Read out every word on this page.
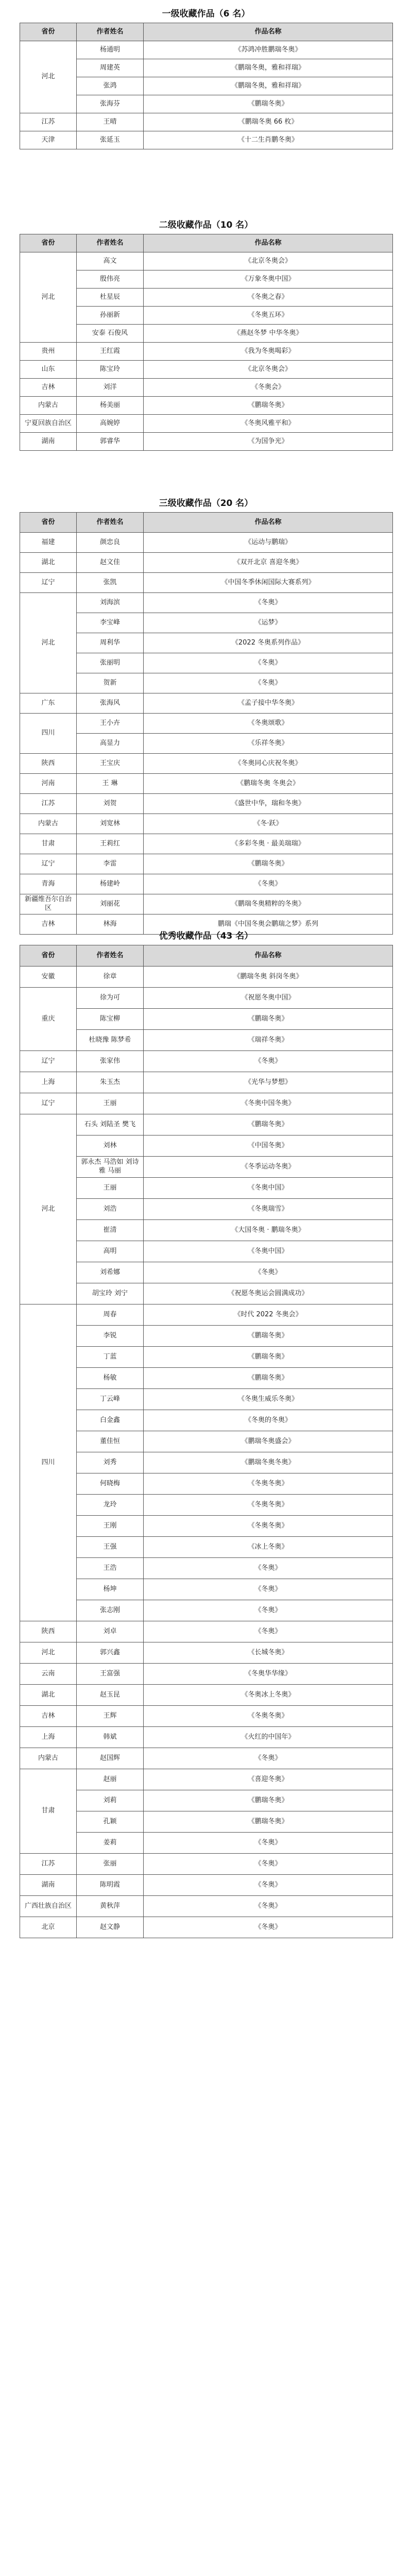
一级收藏作品（6 名）
省份	作者姓名	作品名称
河北	杨通明	《苏鸿冲胜鹏瑞冬奥》
	周建英	《鹏瑞冬奥，雅和祥瑞》
	张鸿	《鹏瑞冬奥，雅和祥瑞》
	张海芬	《鹏瑞冬奥》
江苏	王晴	《鹏瑞冬奥 66 枚》
天津	张延玉	《十二生肖鹏冬奥》
二级收藏作品（10 名）
省份	作者姓名	作品名称
河北	高文	《北京冬奥会》
	殷伟亮	《万象冬奥中国》
	杜星辰	《冬奥之春》
	孙丽新	《冬奥五环》
	安泰 石俊风	《燕赵冬梦 中华冬奥》
贵州	王红霞	《我为冬奥喝彩》
山东	陈宝玲	《北京冬奥会》
吉林	刘洋	《冬奥会》
内蒙古	杨美丽	《鹏瑞冬奥》
宁夏回族自治区	高婉婷	《冬奥风雅平和》
湖南	郭睿华	《为国争光》
三级收藏作品（20 名）
省份	作者姓名	作品名称
福建	颜忠良	《运动与鹏瑞》
湖北	赵文佳	《双开北京 喜迎冬奥》
辽宁	张凯	《中国冬季休闲国际大赛系列》
河北	刘海滨	《冬奥》
	李宝峰	《运梦》
	周利华	《2022 冬奥系列作品》
	张丽明	《冬奥》
	贺新	《冬奥》
广东	张海风	《孟子接中华冬奥》
四川	王小卉	《冬奥颂歌》
	高显力	《乐祥冬奥》
陕西	王宝庆	《冬奥同心庆祝冬奥》
河南	王 琳	《鹏瑞冬奥 冬奥会》
江苏	刘贺	《盛世中华，瑞和冬奥》
内蒙古	刘宽林	《冬·跃》
甘肃	王莉红	《多彩冬奥 · 最美瑞瑞》
辽宁	李雷	《鹏瑞冬奥》
青海	杨建岭	《冬奥》
新疆维吾尔自治区	刘丽花	《鹏瑞冬奥精粹的冬奥》
吉林	林海	鹏瑞《中国冬奥会鹏瑞之梦》系列
优秀收藏作品（43 名）
省份	作者姓名	作品名称
安徽	徐章	《鹏瑞冬奥 斜岗冬奥》
重庆	徐为可	《祝愿冬奥中国》
	陈宝柳	《鹏瑞冬奥》
	杜晓豫 陈梦希	《瑞祥冬奥》
辽宁	张家伟	《冬奥》
上海	朱玉杰	《光华与梦想》
辽宁	王丽	《冬奥中国冬奥》
河北	石头 刘陆圣 樊飞	《鹏瑞冬奥》
	刘林	《中国冬奥》
	郭永杰 马浩如 刘诗雅 马丽	《冬季运动冬奥》
	王丽	《冬奥中国》
	刘浩	《冬奥瑞雪》
	崔清	《大国冬奥 · 鹏瑞冬奥》
	高明	《冬奥中国》
	刘希娜	《冬奥》
	胡宝玲 刘宁	《祝愿冬奥运会圆满成功》
四川	周春	《时代 2022 冬奥会》
	李锐	《鹏瑞冬奥》
	丁蓝	《鹏瑞冬奥》
	杨敏	《鹏瑞冬奥》
	丁云峰	《冬奥生威乐冬奥》
	白金鑫	《冬奥的冬奥》
	董佳恒	《鹏瑞冬奥盛会》
	刘秀	《鹏瑞冬奥冬奥》
	何晓梅	《冬奥冬奥》
	龙玲	《冬奥冬奥》
	王刚	《冬奥冬奥》
	王强	《冰上冬奥》
	王浩	《冬奥》
	杨坤	《冬奥》
	张志刚	《冬奥》
陕西	刘卓	《冬奥》
河北	郭兴鑫	《长城冬奥》
云南	王富强	《冬奥华华缘》
湖北	赵玉昆	《冬奥冰上冬奥》
吉林	王辉	《冬奥冬奥》
上海	韩斌	《火红的中国年》
内蒙古	赵国辉	《冬奥》
甘肃	赵丽	《喜迎冬奥》
	刘莉	《鹏瑞冬奥》
	孔颖	《鹏瑞冬奥》
	姜莉	《冬奥》
江苏	张丽	《冬奥》
湖南	陈明霞	《冬奥》
广西壮族自治区	黄秋萍	《冬奥》
北京	赵文静	《冬奥》
